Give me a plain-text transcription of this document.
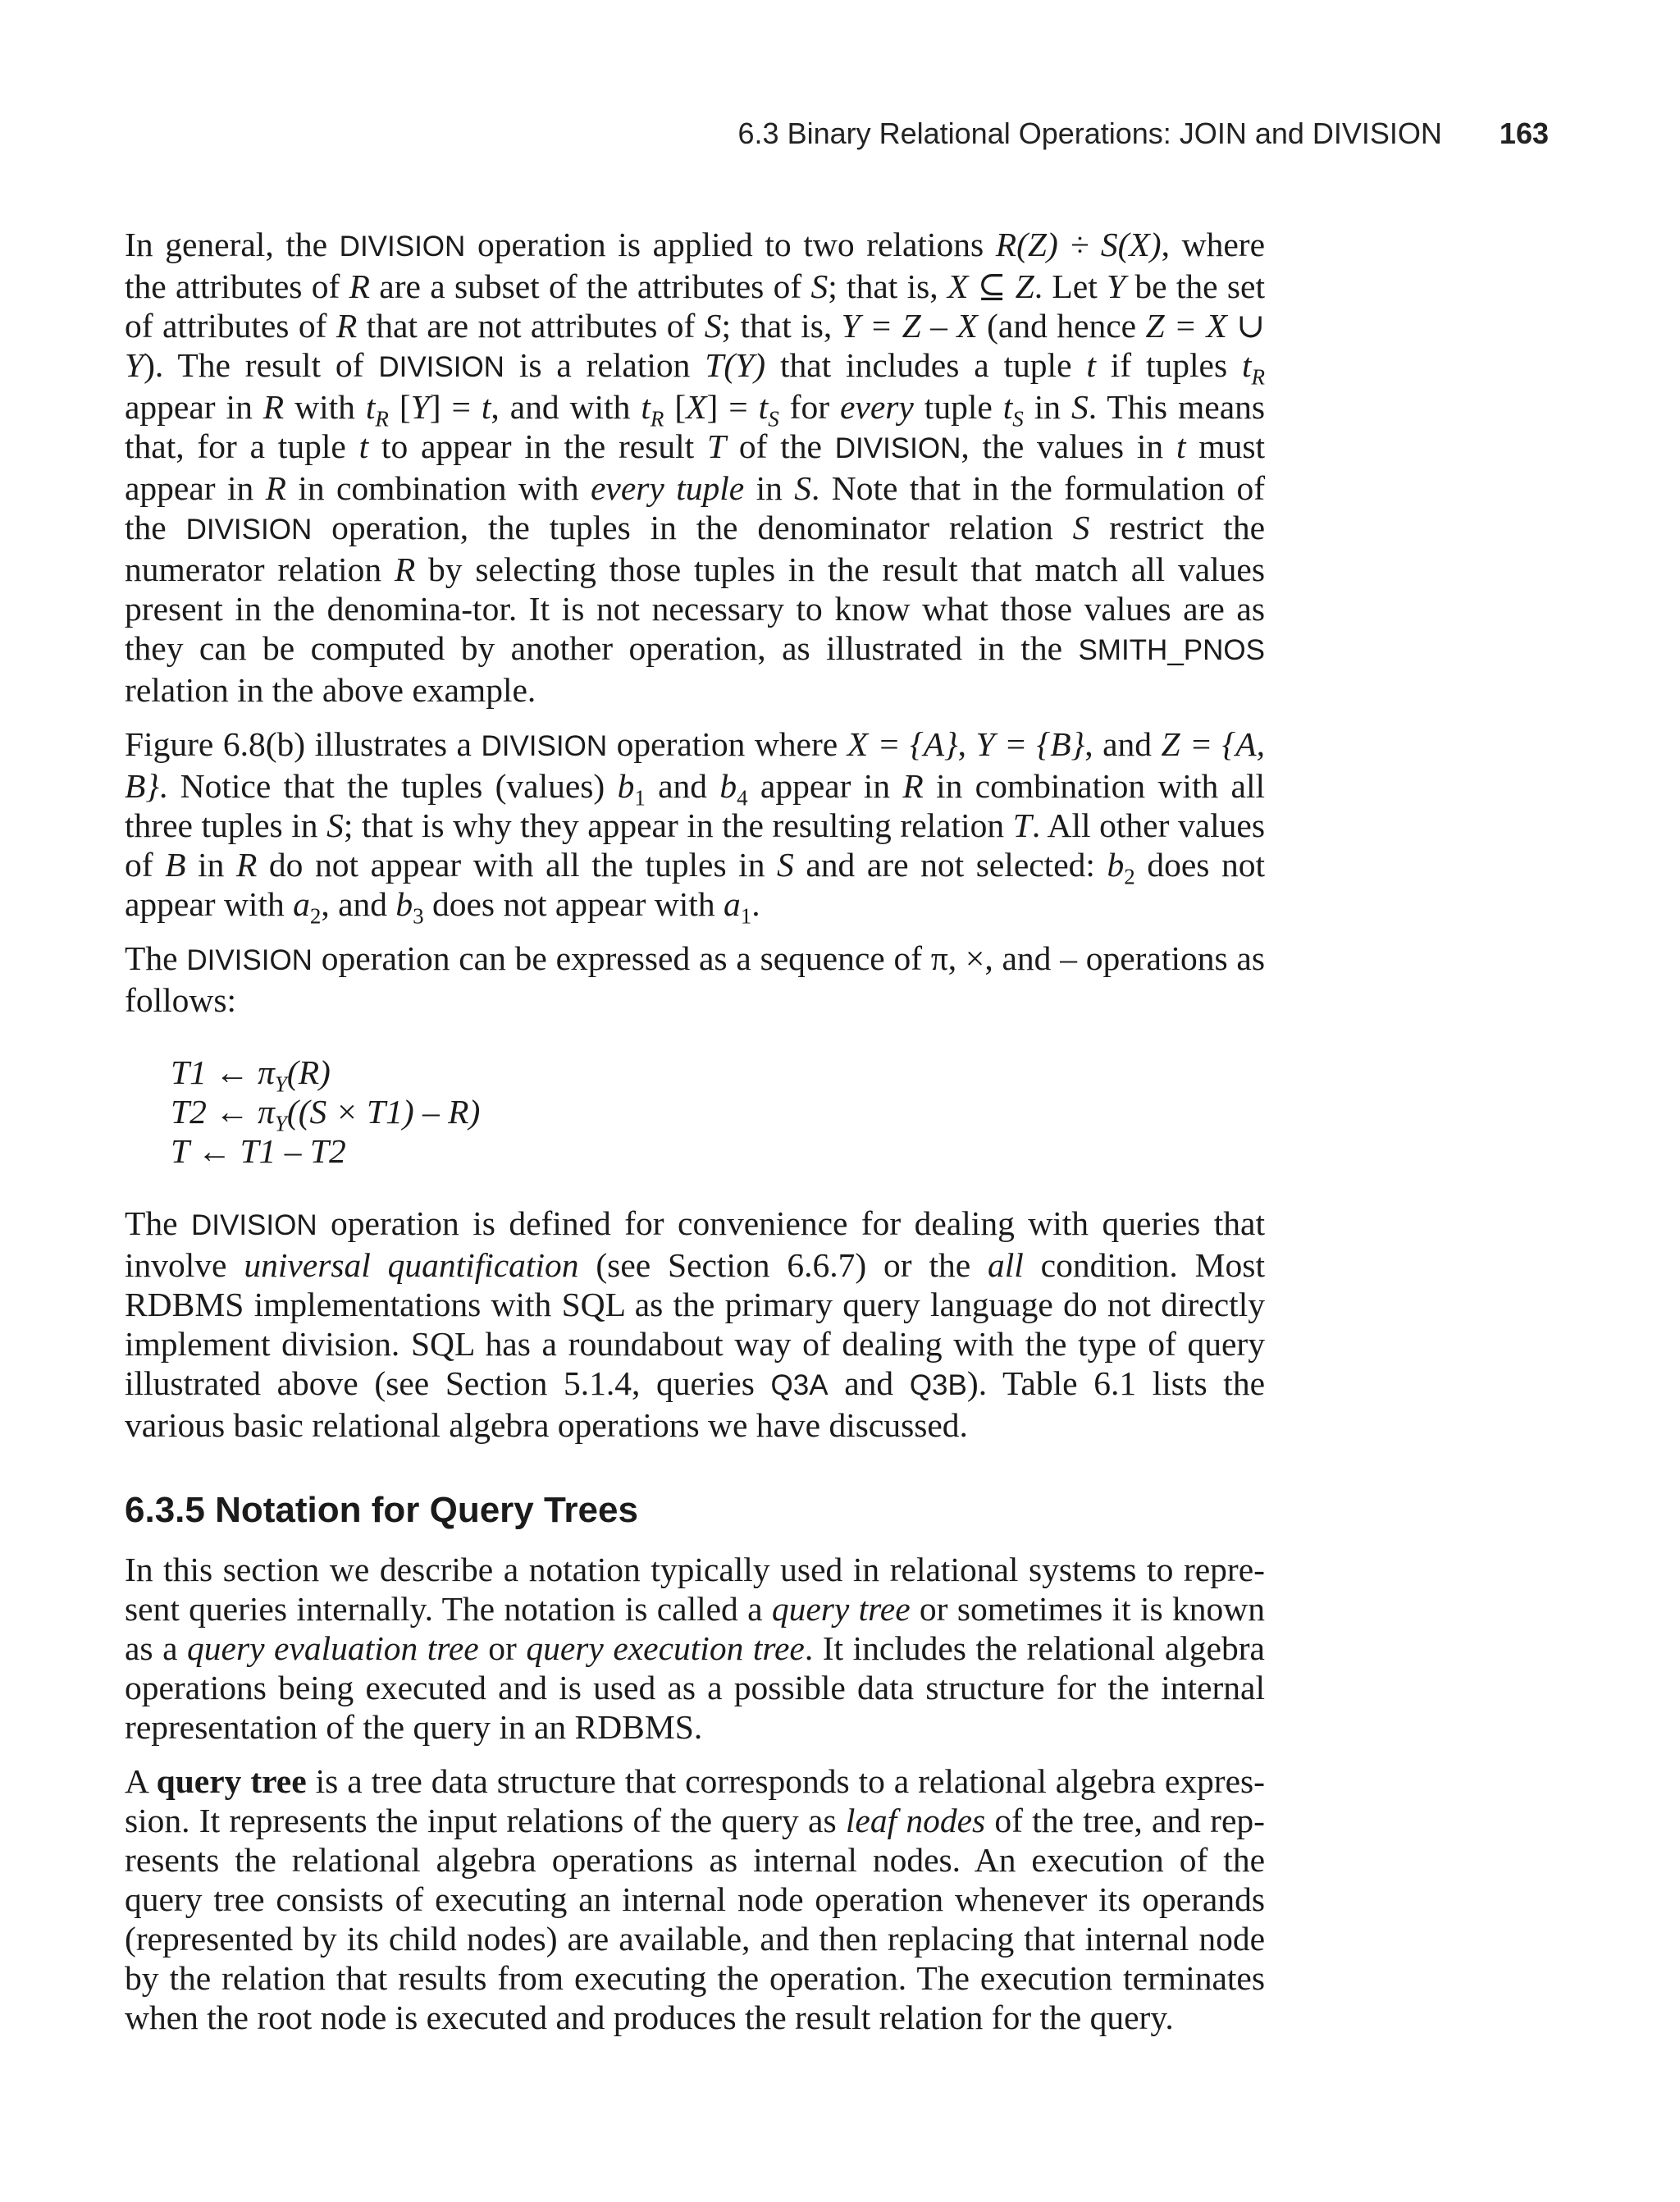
6.3 Binary Relational Operations: JOIN and DIVISION 163

In general, the DIVISION operation is applied to two relations R(Z) ÷ S(X), where the attributes of R are a subset of the attributes of S; that is, X ⊆ Z. Let Y be the set of attributes of R that are not attributes of S; that is, Y = Z – X (and hence Z = X ∪ Y). The result of DIVISION is a relation T(Y) that includes a tuple t if tuples $t_R$ appear in R with $t_R$ [Y] = t, and with $t_R$ $[X] = t_S$ for every tuple $t_S$ in S. This means that, for a tuple t to appear in the result T of the DIVISION, the values in t must appear in R in combination with every tuple in S. Note that in the formulation of the DIVISION operation, the tuples in the denominator relation S restrict the numerator relation R by selecting those tuples in the result that match all values present in the denomina-tor. It is not necessary to know what those values are as they can be computed by another operation, as illustrated in the SMITH_PNOS relation in the above example.

Figure 6.8(b) illustrates a DIVISION operation where X = {A}, Y = {B}, and Z = {A, B}. Notice that the tuples (values) $b_1$ and $b_4$ appear in R in combination with all three tuples in S; that is why they appear in the resulting relation T. All other values of B in R do not appear with all the tuples in S and are not selected: $b_2$ does not appear with $a_2$, and $b_3$ does not appear with $a_1$.

The DIVISION operation can be expressed as a sequence of π, ×, and – operations as follows:

T1 ← $\pi_Y(R)$
T2 ← $\pi_Y((S \times T1) - R)$
T ← T1 – T2

The DIVISION operation is defined for convenience for dealing with queries that involve universal quantification (see Section 6.6.7) or the all condition. Most RDBMS implementations with SQL as the primary query language do not directly implement division. SQL has a roundabout way of dealing with the type of query illustrated above (see Section 5.1.4, queries Q3A and Q3B). Table 6.1 lists the various basic relational algebra operations we have discussed.

6.3.5 Notation for Query Trees

In this section we describe a notation typically used in relational systems to repre-sent queries internally. The notation is called a query tree or sometimes it is known as a query evaluation tree or query execution tree. It includes the relational algebra operations being executed and is used as a possible data structure for the internal representation of the query in an RDBMS.

A query tree is a tree data structure that corresponds to a relational algebra expres-sion. It represents the input relations of the query as leaf nodes of the tree, and rep-resents the relational algebra operations as internal nodes. An execution of the query tree consists of executing an internal node operation whenever its operands (represented by its child nodes) are available, and then replacing that internal node by the relation that results from executing the operation. The execution terminates when the root node is executed and produces the result relation for the query.
